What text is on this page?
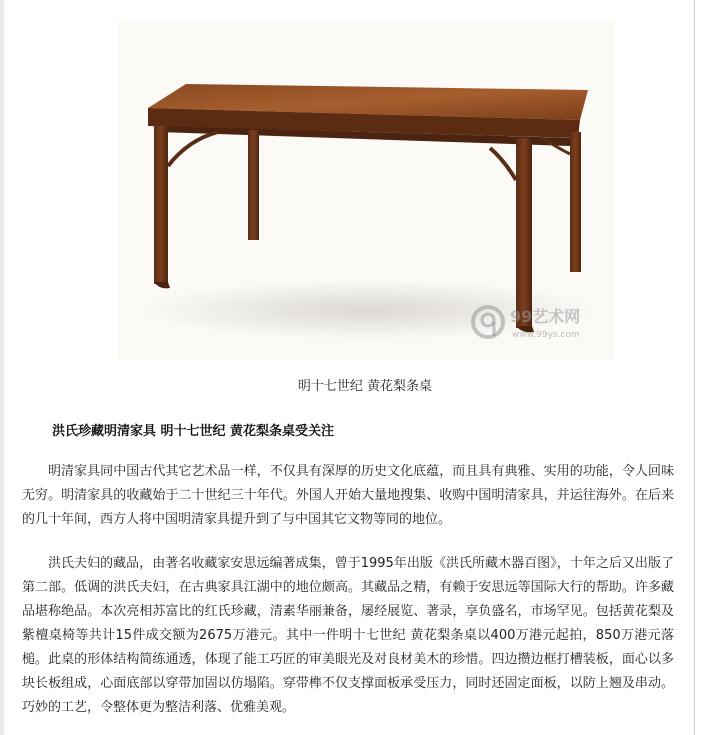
99艺术网
www.99ys.com
明十七世纪 黄花梨条桌
洪氏珍藏明清家具 明十七世纪 黄花梨条桌受关注

明清家具同中国古代其它艺术品一样，不仅具有深厚的历史文化底蕴，而且具有典雅、实用的功能，令人回味无穷。明清家具的收藏始于二十世纪三十年代。外国人开始大量地搜集、收购中国明清家具，并运往海外。在后来的几十年间，西方人将中国明清家具提升到了与中国其它文物等同的地位。

洪氏夫妇的藏品，由著名收藏家安思远编著成集，曾于1995年出版《洪氏所藏木器百图》，十年之后又出版了第二部。低调的洪氏夫妇，在古典家具江湖中的地位颇高。其藏品之精，有赖于安思远等国际大行的帮助。许多藏品堪称绝品。本次亮相苏富比的红氏珍藏，清素华丽兼备，屡经展览、著录，享负盛名，市场罕见。包括黄花梨及紫檀桌椅等共计15件成交额为2675万港元。其中一件明十七世纪 黄花梨条桌以400万港元起拍，850万港元落槌。此桌的形体结构简练通透，体现了能工巧匠的审美眼光及对良材美木的珍惜。四边攒边框打槽装板，面心以多块长板组成，心面底部以穿带加固以仿塌陷。穿带榫不仅支撑面板承受压力，同时还固定面板，以防上翘及串动。巧妙的工艺，令整体更为整洁利落、优雅美观。
